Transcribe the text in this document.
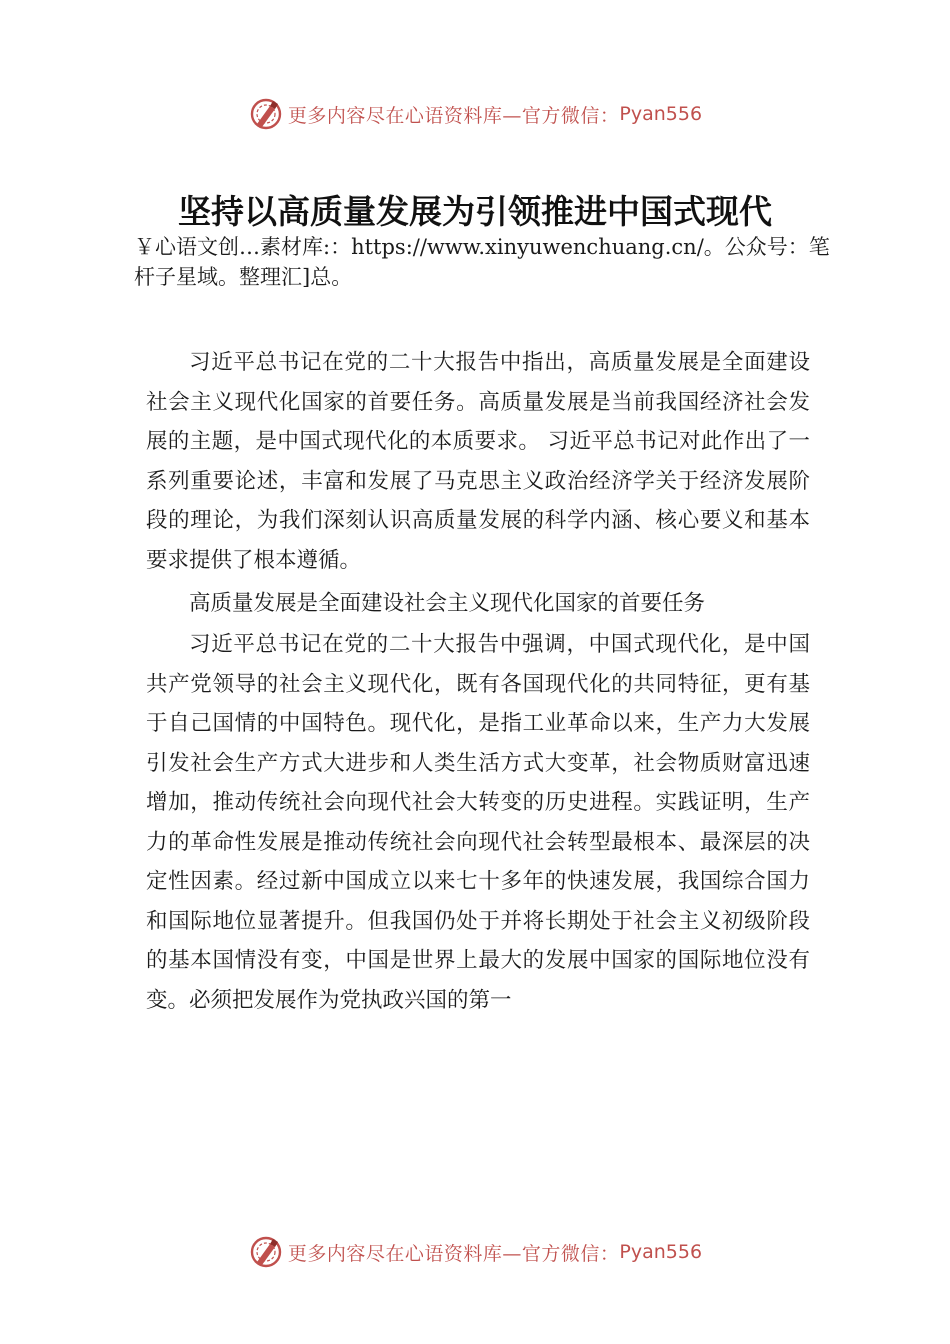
更多内容尽在心语资料库—官方微信： Pyan556
坚持以高质量发展为引领推进中国式现代
￥心语文创…素材库:：https://www.xinyuwenchuang.cn/。公众号：笔杆子星域。整理汇]总。

习近平总书记在党的二十大报告中指出，高质量发展是全面建设社会主义现代化国家的首要任务。高质量发展是当前我国经济社会发展的主题，是中国式现代化的本质要求。 习近平总书记对此作出了一系列重要论述，丰富和发展了马克思主义政治经济学关于经济发展阶段的理论，为我们深刻认识高质量发展的科学内涵、核心要义和基本要求提供了根本遵循。

高质量发展是全面建设社会主义现代化国家的首要任务

习近平总书记在党的二十大报告中强调，中国式现代化，是中国共产党领导的社会主义现代化，既有各国现代化的共同特征，更有基于自己国情的中国特色。现代化，是指工业革命以来，生产力大发展引发社会生产方式大进步和人类生活方式大变革，社会物质财富迅速增加，推动传统社会向现代社会大转变的历史进程。实践证明，生产力的革命性发展是推动传统社会向现代社会转型最根本、最深层的决定性因素。经过新中国成立以来七十多年的快速发展，我国综合国力和国际地位显著提升。但我国仍处于并将长期处于社会主义初级阶段的基本国情没有变，中国是世界上最大的发展中国家的国际地位没有变。必须把发展作为党执政兴国的第一

更多内容尽在心语资料库—官方微信： Pyan556
